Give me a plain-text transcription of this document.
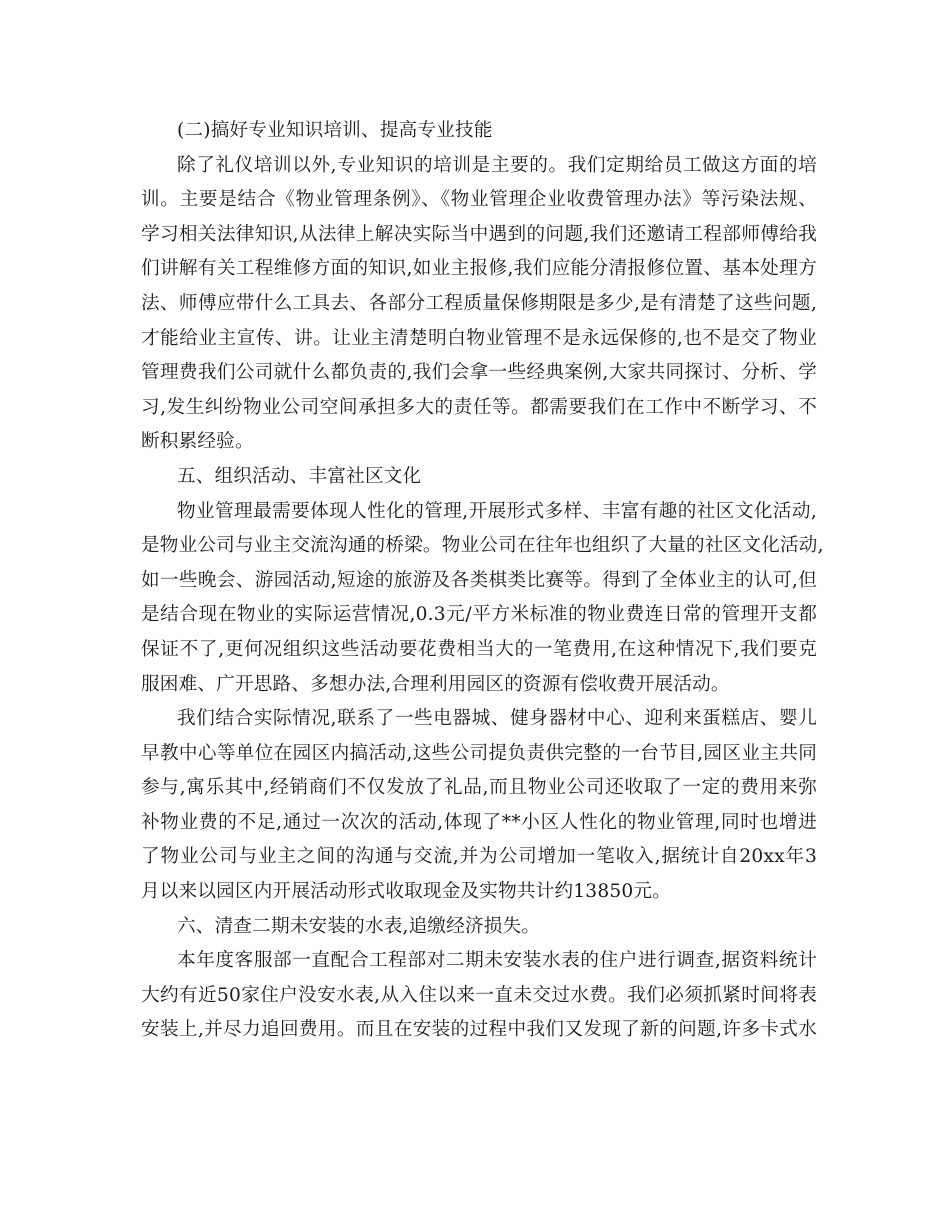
(二)搞好专业知识培训、提高专业技能
除了礼仪培训以外,专业知识的培训是主要的。我们定期给员工做这方面的培
训。主要是结合《物业管理条例》、《物业管理企业收费管理办法》等污染法规、
学习相关法律知识,从法律上解决实际当中遇到的问题,我们还邀请工程部师傅给我
们讲解有关工程维修方面的知识,如业主报修,我们应能分清报修位置、基本处理方
法、师傅应带什么工具去、各部分工程质量保修期限是多少,是有清楚了这些问题,
才能给业主宣传、讲。让业主清楚明白物业管理不是永远保修的,也不是交了物业
管理费我们公司就什么都负责的,我们会拿一些经典案例,大家共同探讨、分析、学
习,发生纠纷物业公司空间承担多大的责任等。都需要我们在工作中不断学习、不
断积累经验。
五、组织活动、丰富社区文化
物业管理最需要体现人性化的管理,开展形式多样、丰富有趣的社区文化活动,
是物业公司与业主交流沟通的桥梁。物业公司在往年也组织了大量的社区文化活动,
如一些晚会、游园活动,短途的旅游及各类棋类比赛等。得到了全体业主的认可,但
是结合现在物业的实际运营情况,0.3元/平方米标准的物业费连日常的管理开支都
保证不了,更何况组织这些活动要花费相当大的一笔费用,在这种情况下,我们要克
服困难、广开思路、多想办法,合理利用园区的资源有偿收费开展活动。
我们结合实际情况,联系了一些电器城、健身器材中心、迎利来蛋糕店、婴儿
早教中心等单位在园区内搞活动,这些公司提负责供完整的一台节目,园区业主共同
参与,寓乐其中,经销商们不仅发放了礼品,而且物业公司还收取了一定的费用来弥
补物业费的不足,通过一次次的活动,体现了**小区人性化的物业管理,同时也增进
了物业公司与业主之间的沟通与交流,并为公司增加一笔收入,据统计自20xx年3
月以来以园区内开展活动形式收取现金及实物共计约13850元。
六、清查二期未安装的水表,追缴经济损失。
本年度客服部一直配合工程部对二期未安装水表的住户进行调查,据资料统计
大约有近50家住户没安水表,从入住以来一直未交过水费。我们必须抓紧时间将表
安装上,并尽力追回费用。而且在安装的过程中我们又发现了新的问题,许多卡式水
